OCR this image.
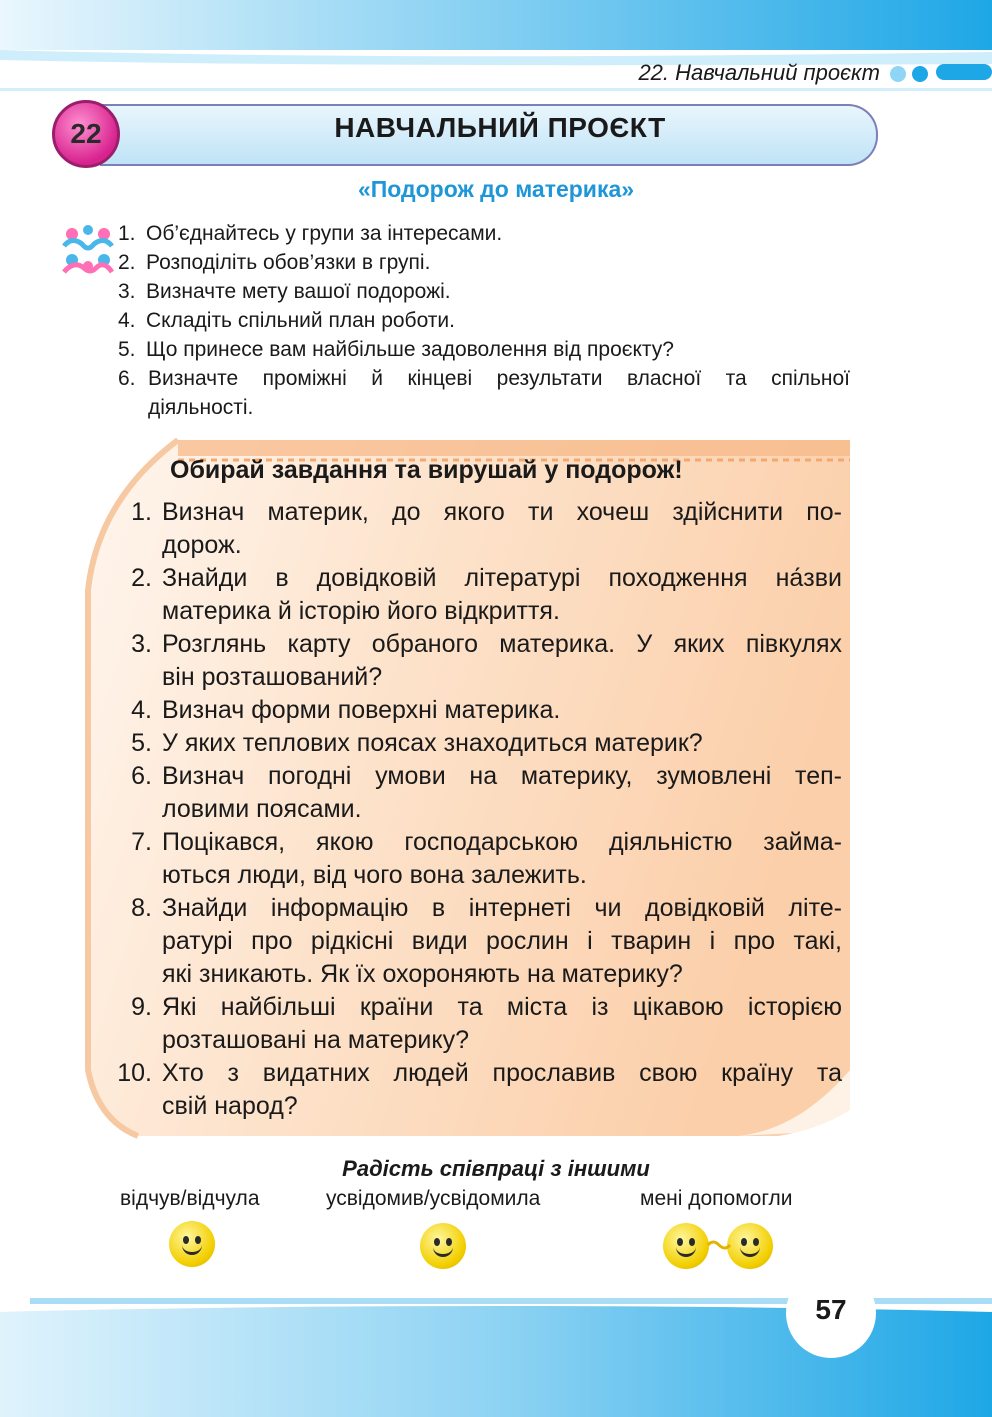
22. Навчальний проєкт
22	НАВЧАЛЬНИЙ ПРОЄКТ
«Подорож до материка»
1. Об’єднайтесь у групи за інтересами.
2. Розподіліть обов’язки в групі.
3. Визначте мету вашої подорожі.
4. Складіть спільний план роботи.
5. Що принесе вам найбільше задоволення від проєкту?
6. Визначте проміжні й кінцеві результати власної та спільної
діяльності.
Обирай завдання та вирушай у подорож!
1. Визнач материк, до якого ти хочеш здійснити по-
дорож.
2. Знайди в довідковій літературі походження на́зви
материка й історію його відкриття.
3. Розглянь карту обраного материка. У яких півкулях
він розташований?
4. Визнач форми поверхні материка.
5. У яких теплових поясах знаходиться материк?
6. Визнач погодні умови на материку, зумовлені теп-
ловими поясами.
7. Поцікався, якою господарською діяльністю займа-
ються люди, від чого вона залежить.
8. Знайди інформацію в інтернеті чи довідковій літе-
ратурі про рідкісні види рослин і тварин і про такі,
які зникають. Як їх охороняють на материку?
9. Які найбільші країни та міста із цікавою історією
розташовані на материку?
10. Хто з видатних людей прославив свою країну та
свій народ?
Радість співпраці з іншими
відчув/відчула	усвідомив/усвідомила	мені допомогли
57
